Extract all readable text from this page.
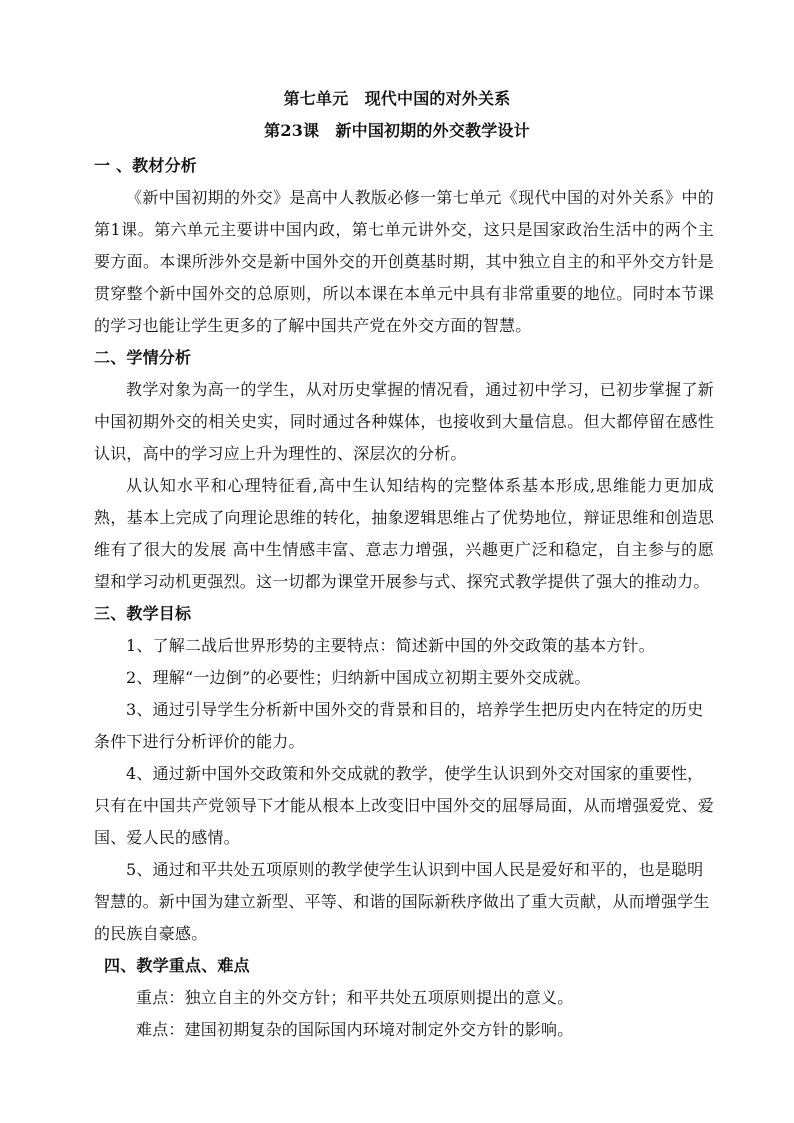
第七单元　现代中国的对外关系

第23课　新中国初期的外交教学设计

一 、教材分析

《新中国初期的外交》是高中人教版必修一第七单元《现代中国的对外关系》中的第1课。第六单元主要讲中国内政，第七单元讲外交，这只是国家政治生活中的两个主要方面。本课所涉外交是新中国外交的开创奠基时期，其中独立自主的和平外交方针是贯穿整个新中国外交的总原则，所以本课在本单元中具有非常重要的地位。同时本节课的学习也能让学生更多的了解中国共产党在外交方面的智慧。

二、学情分析

教学对象为高一的学生，从对历史掌握的情况看，通过初中学习，已初步掌握了新中国初期外交的相关史实，同时通过各种媒体，也接收到大量信息。但大都停留在感性认识，高中的学习应上升为理性的、深层次的分析。

从认知水平和心理特征看,高中生认知结构的完整体系基本形成,思维能力更加成熟，基本上完成了向理论思维的转化，抽象逻辑思维占了优势地位，辩证思维和创造思维有了很大的发展 高中生情感丰富、意志力增强，兴趣更广泛和稳定，自主参与的愿望和学习动机更强烈。这一切都为课堂开展参与式、探究式教学提供了强大的推动力。

三、教学目标

1、了解二战后世界形势的主要特点：简述新中国的外交政策的基本方针。

2、理解“一边倒”的必要性；归纳新中国成立初期主要外交成就。

3、通过引导学生分析新中国外交的背景和目的，培养学生把历史内在特定的历史条件下进行分析评价的能力。

4、通过新中国外交政策和外交成就的教学，使学生认识到外交对国家的重要性，

只有在中国共产党领导下才能从根本上改变旧中国外交的屈辱局面，从而增强爱党、爱国、爱人民的感情。

5、通过和平共处五项原则的教学使学生认识到中国人民是爱好和平的，也是聪明智慧的。新中国为建立新型、平等、和谐的国际新秩序做出了重大贡献，从而增强学生的民族自豪感。

四、教学重点、难点

重点：独立自主的外交方针；和平共处五项原则提出的意义。

难点：建国初期复杂的国际国内环境对制定外交方针的影响。
